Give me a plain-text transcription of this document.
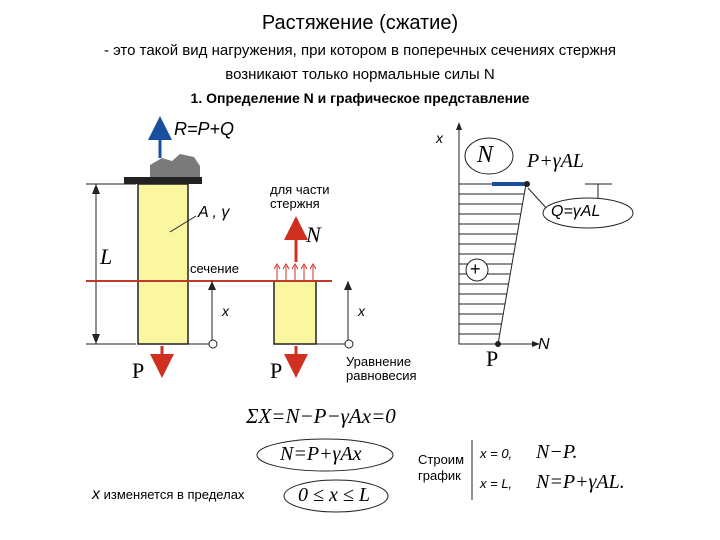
Растяжение (сжатие)
- это такой вид нагружения, при котором в поперечных сечениях стержня
возникают только нормальные силы N
1. Определение N и графическое представление
R=P+Q
L
A , γ
сечение
x
P
для части
стержня
N
x
P	Уравнение
равновесия
x
N
N P+γAL
Q=γAL
+
P
ΣX=N−P−γAx=0
N=P+γAx	Строим
график
x = 0, N−P.
x = L, N=P+γAL.
x изменяется в пределах	0 ≤ x ≤ L
